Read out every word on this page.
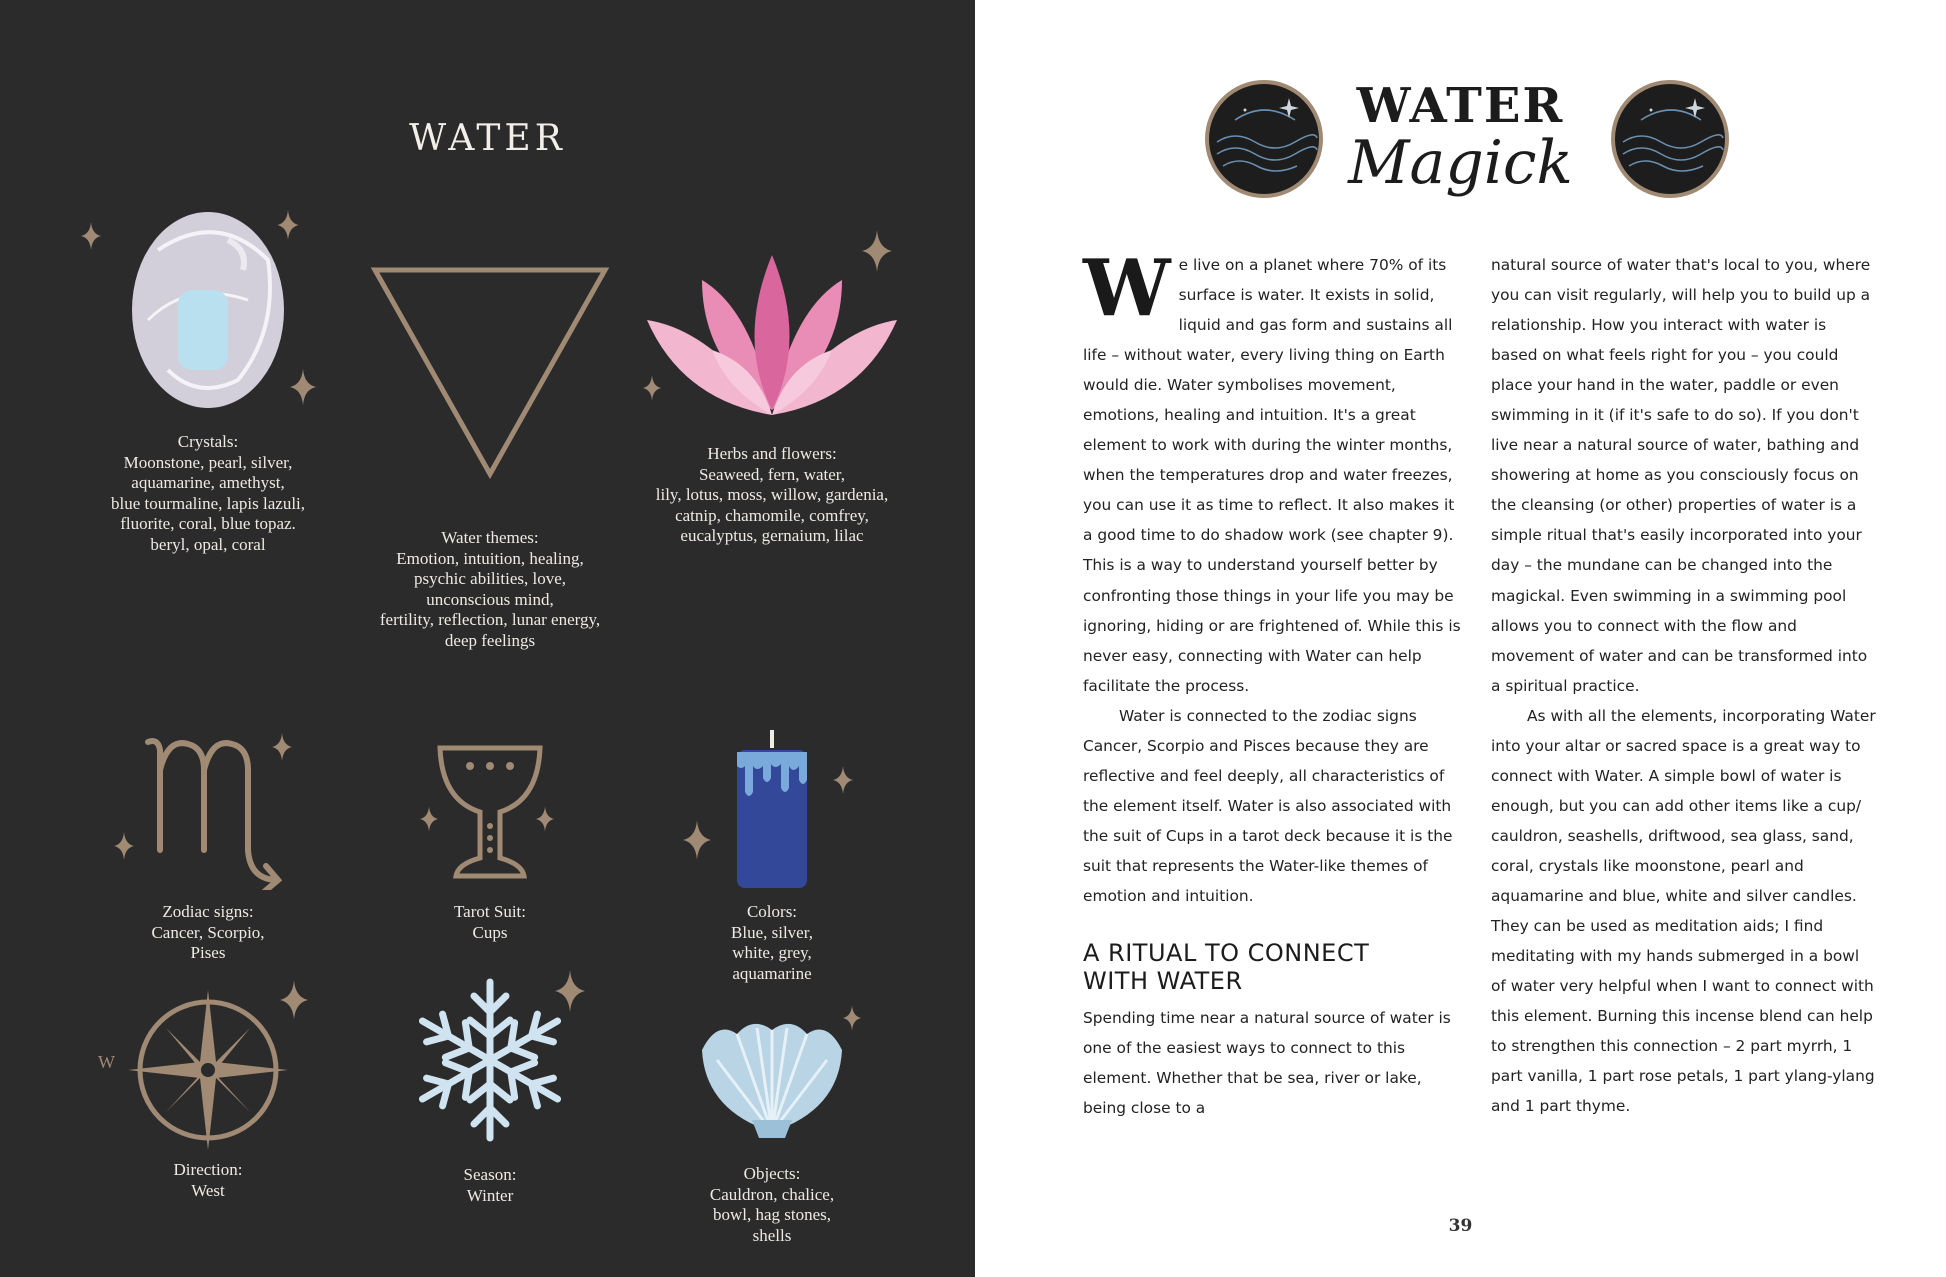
WATER
Crystals:
Moonstone, pearl, silver,
aquamarine, amethyst,
blue tourmaline, lapis lazuli,
fluorite, coral, blue topaz.
beryl, opal, coral	Water themes:
Emotion, intuition, healing,
psychic abilities, love,
unconscious mind,
fertility, reflection, lunar energy,
deep feelings
Herbs and flowers:
Seaweed, fern, water,
lily, lotus, moss, willow, gardenia,
catnip, chamomile, comfrey,
eucalyptus, gernaium, lilac
Zodiac signs:
Cancer, Scorpio,
Pises
Tarot Suit:
Cups
Colors:
Blue, silver,
white, grey,
aquamarine
W
Direction:
West
Season:
Winter
Objects:
Cauldron, chalice,
bowl, hag stones,
shells
WATER
Magick

We live on a planet where 70% of its surface is water. It exists in solid, liquid and gas form and sustains all life – without water, every living thing on Earth would die. Water symbolises movement, emotions, healing and intuition. It's a great element to work with during the winter months, when the temperatures drop and water freezes, you can use it as time to reflect. It also makes it a good time to do shadow work (see chapter 9). This is a way to understand yourself better by confronting those things in your life you may be ignoring, hiding or are frightened of. While this is never easy, connecting with Water can help facilitate the process.

Water is connected to the zodiac signs Cancer, Scorpio and Pisces because they are reflective and feel deeply, all characteristics of the element itself. Water is also associated with the suit of Cups in a tarot deck because it is the suit that represents the Water-like themes of emotion and intuition.

A RITUAL TO CONNECT
WITH WATER

Spending time near a natural source of water is one of the easiest ways to connect to this element. Whether that be sea, river or lake, being close to a

natural source of water that's local to you, where you can visit regularly, will help you to build up a relationship. How you interact with water is based on what feels right for you – you could place your hand in the water, paddle or even swimming in it (if it's safe to do so). If you don't live near a natural source of water, bathing and showering at home as you consciously focus on the cleansing (or other) properties of water is a simple ritual that's easily incorporated into your day – the mundane can be changed into the magickal. Even swimming in a swimming pool allows you to connect with the flow and movement of water and can be transformed into a spiritual practice.

As with all the elements, incorporating Water into your altar or sacred space is a great way to connect with Water. A simple bowl of water is enough, but you can add other items like a cup/ cauldron, seashells, driftwood, sea glass, sand, coral, crystals like moonstone, pearl and aquamarine and blue, white and silver candles. They can be used as meditation aids; I find meditating with my hands submerged in a bowl of water very helpful when I want to connect with this element. Burning this incense blend can help to strengthen this connection – 2 part myrrh, 1 part vanilla, 1 part rose petals, 1 part ylang-ylang and 1 part thyme.

39
